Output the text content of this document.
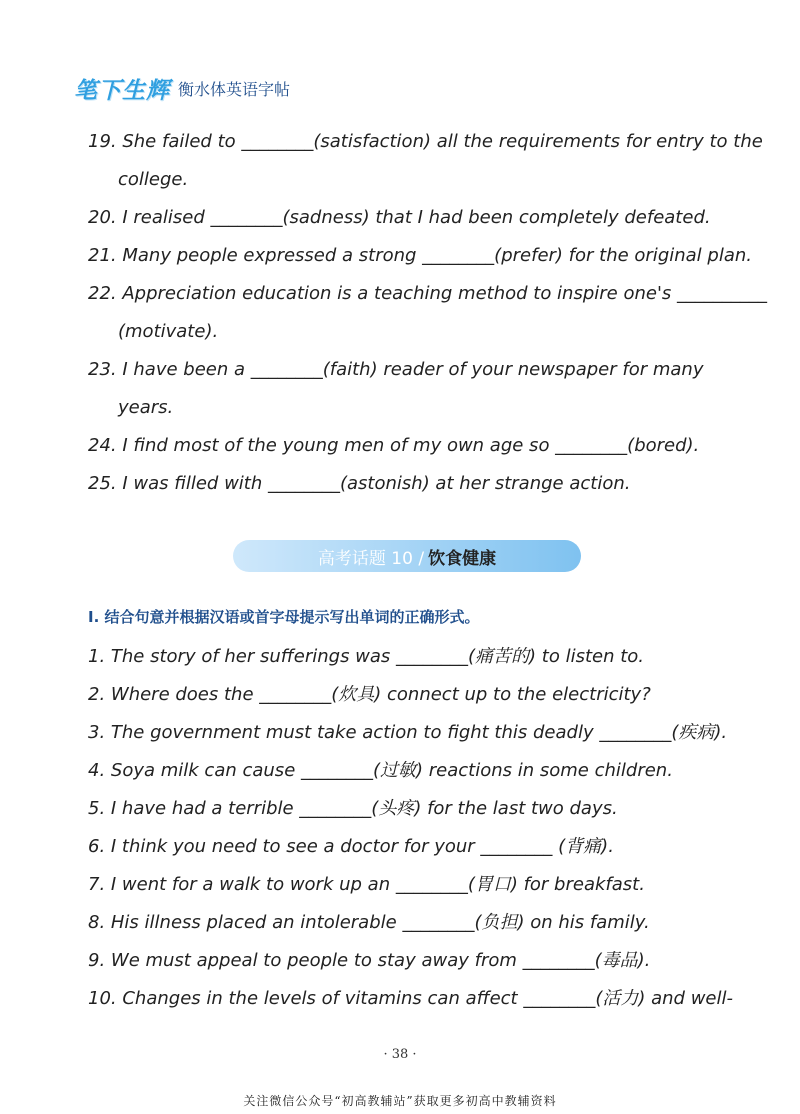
笔下生辉 衡水体英语字帖
19. She failed to ________(satisfaction) all the requirements for entry to the
college.
20. I realised ________(sadness) that I had been completely defeated.
21. Many people expressed a strong ________(prefer) for the original plan.
22. Appreciation education is a teaching method to inspire one's __________
(motivate).
23. I have been a ________(faith) reader of your newspaper for many
years.
24. I find most of the young men of my own age so ________(bored).
25. I was filled with ________(astonish) at her strange action.
高考话题 10 / 饮食健康
I. 结合句意并根据汉语或首字母提示写出单词的正确形式。
1. The story of her sufferings was ________(痛苦的) to listen to.
2. Where does the ________(炊具) connect up to the electricity?
3. The government must take action to fight this deadly ________(疾病).
4. Soya milk can cause ________(过敏) reactions in some children.
5. I have had a terrible ________(头疼) for the last two days.
6. I think you need to see a doctor for your ________ (背痛).
7. I went for a walk to work up an ________(胃口) for breakfast.
8. His illness placed an intolerable ________(负担) on his family.
9. We must appeal to people to stay away from ________(毒品).
10. Changes in the levels of vitamins can affect ________(活力) and well-
· 38 ·
关注微信公众号“初高教辅站”获取更多初高中教辅资料
